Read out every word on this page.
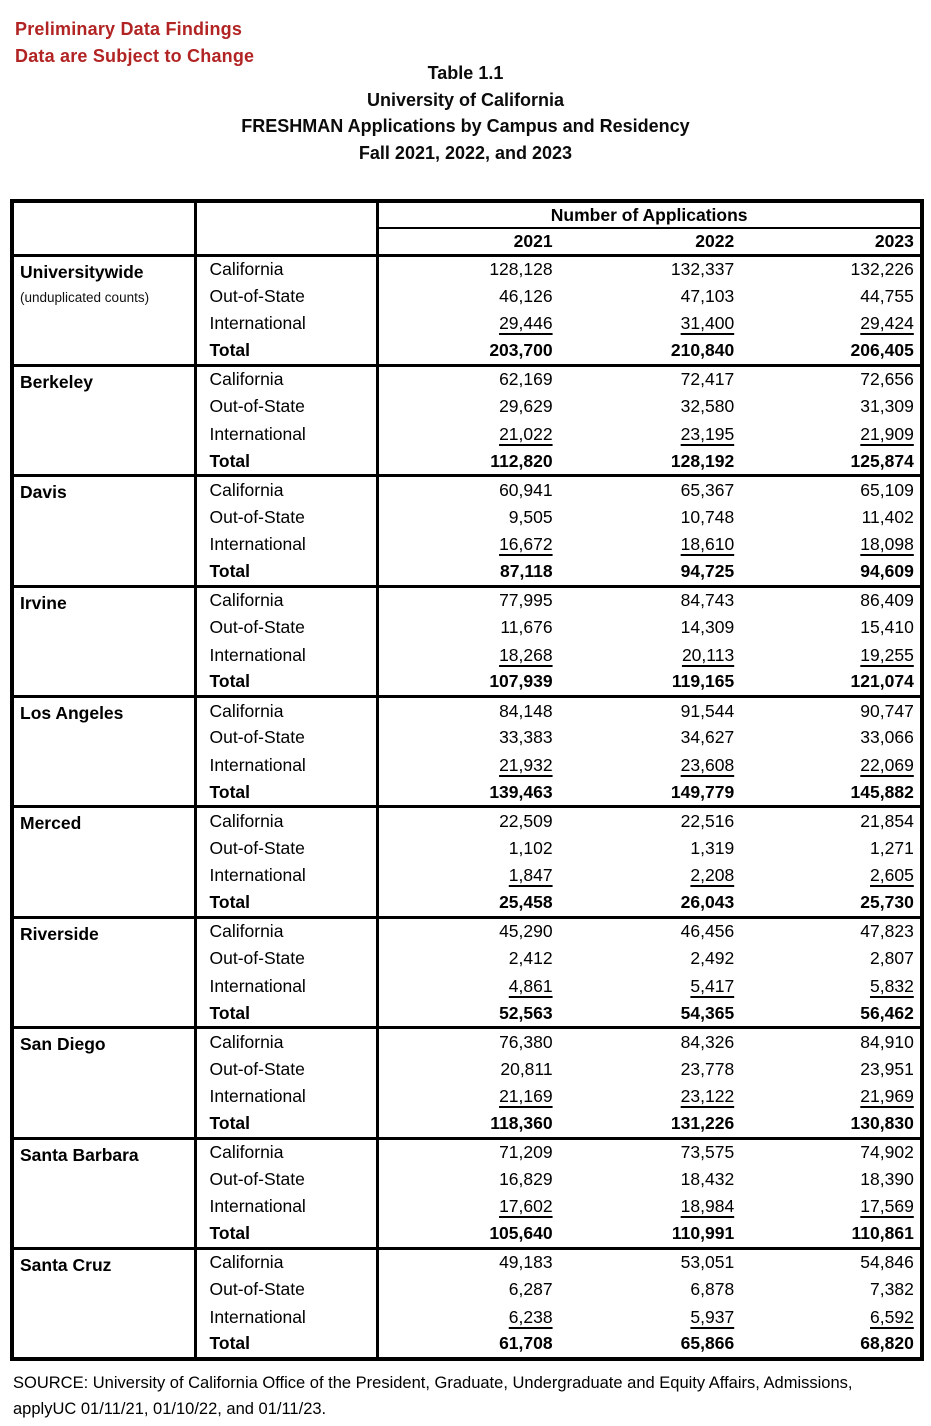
Preliminary Data Findings
Data are Subject to Change
Table 1.1
University of California
FRESHMAN Applications by Campus and Residency
Fall 2021, 2022, and 2023
		Number of Applications		
		2021	2022	2023

Universitywide
(unduplicated counts)	California	128,128	132,337	132,226
	Out-of-State	46,126	47,103	44,755
	International	29,446	31,400	29,424
	Total	203,700	210,840	206,405

Berkeley	California	62,169	72,417	72,656
	Out-of-State	29,629	32,580	31,309
	International	21,022	23,195	21,909
	Total	112,820	128,192	125,874

Davis	California	60,941	65,367	65,109
	Out-of-State	9,505	10,748	11,402
	International	16,672	18,610	18,098
	Total	87,118	94,725	94,609

Irvine	California	77,995	84,743	86,409
	Out-of-State	11,676	14,309	15,410
	International	18,268	20,113	19,255
	Total	107,939	119,165	121,074

Los Angeles	California	84,148	91,544	90,747
	Out-of-State	33,383	34,627	33,066
	International	21,932	23,608	22,069
	Total	139,463	149,779	145,882

Merced	California	22,509	22,516	21,854
	Out-of-State	1,102	1,319	1,271
	International	1,847	2,208	2,605
	Total	25,458	26,043	25,730

Riverside	California	45,290	46,456	47,823
	Out-of-State	2,412	2,492	2,807
	International	4,861	5,417	5,832
	Total	52,563	54,365	56,462

San Diego	California	76,380	84,326	84,910
	Out-of-State	20,811	23,778	23,951
	International	21,169	23,122	21,969
	Total	118,360	131,226	130,830

Santa Barbara	California	71,209	73,575	74,902
	Out-of-State	16,829	18,432	18,390
	International	17,602	18,984	17,569
	Total	105,640	110,991	110,861

Santa Cruz	California	49,183	53,051	54,846
	Out-of-State	6,287	6,878	7,382
	International	6,238	5,937	6,592
	Total	61,708	65,866	68,820
SOURCE: University of California Office of the President, Graduate, Undergraduate and Equity Affairs, Admissions,
applyUC 01/11/21, 01/10/22, and 01/11/23.
